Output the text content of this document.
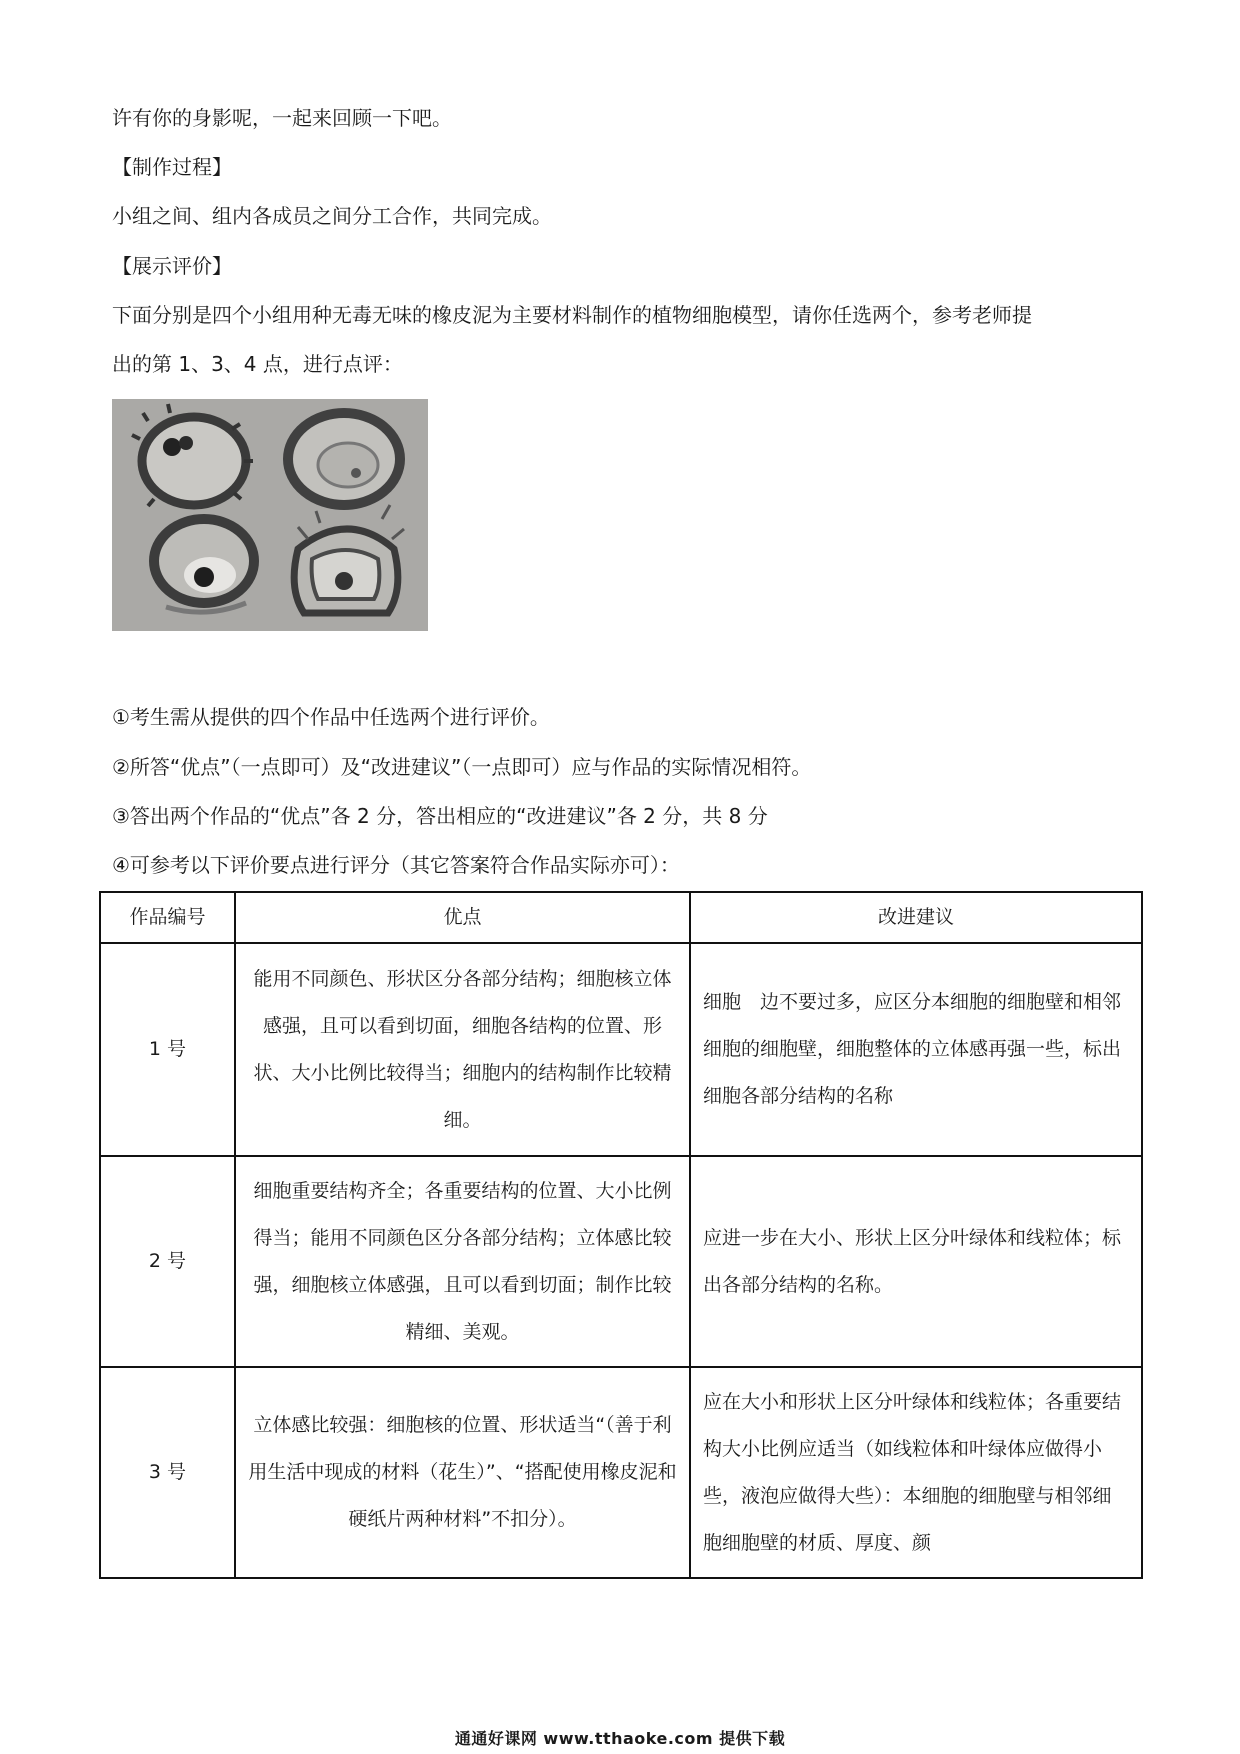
许有你的身影呢，一起来回顾一下吧。
【制作过程】
小组之间、组内各成员之间分工合作，共同完成。
【展示评价】
下面分别是四个小组用种无毒无味的橡皮泥为主要材料制作的植物细胞模型，请你任选两个，参考老师提
出的第 1、3、4 点，进行点评：
①考生需从提供的四个作品中任选两个进行评价。
②所答“优点”（一点即可）及“改进建议”（一点即可）应与作品的实际情况相符。
③答出两个作品的“优点”各 2 分，答出相应的“改进建议”各 2 分，共 8 分
④可参考以下评价要点进行评分（其它答案符合作品实际亦可）：
作品编号	优点	改进建议
1 号	能用不同颜色、形状区分各部分结构；细胞核立体感强，且可以看到切面，细胞各结构的位置、形状、大小比例比较得当；细胞内的结构制作比较精细。	细胞　边不要过多，应区分本细胞的细胞壁和相邻细胞的细胞壁，细胞整体的立体感再强一些，标出细胞各部分结构的名称
2 号	细胞重要结构齐全；各重要结构的位置、大小比例得当；能用不同颜色区分各部分结构；立体感比较强，细胞核立体感强，且可以看到切面；制作比较精细、美观。	应进一步在大小、形状上区分叶绿体和线粒体；标出各部分结构的名称。
3 号	立体感比较强：细胞核的位置、形状适当“（善于利用生活中现成的材料（花生）”、“搭配使用橡皮泥和硬纸片两种材料”不扣分）。	应在大小和形状上区分叶绿体和线粒体；各重要结构大小比例应适当（如线粒体和叶绿体应做得小些，液泡应做得大些）：本细胞的细胞壁与相邻细胞细胞壁的材质、厚度、颜
通通好课网 www.tthaoke.com 提供下载
